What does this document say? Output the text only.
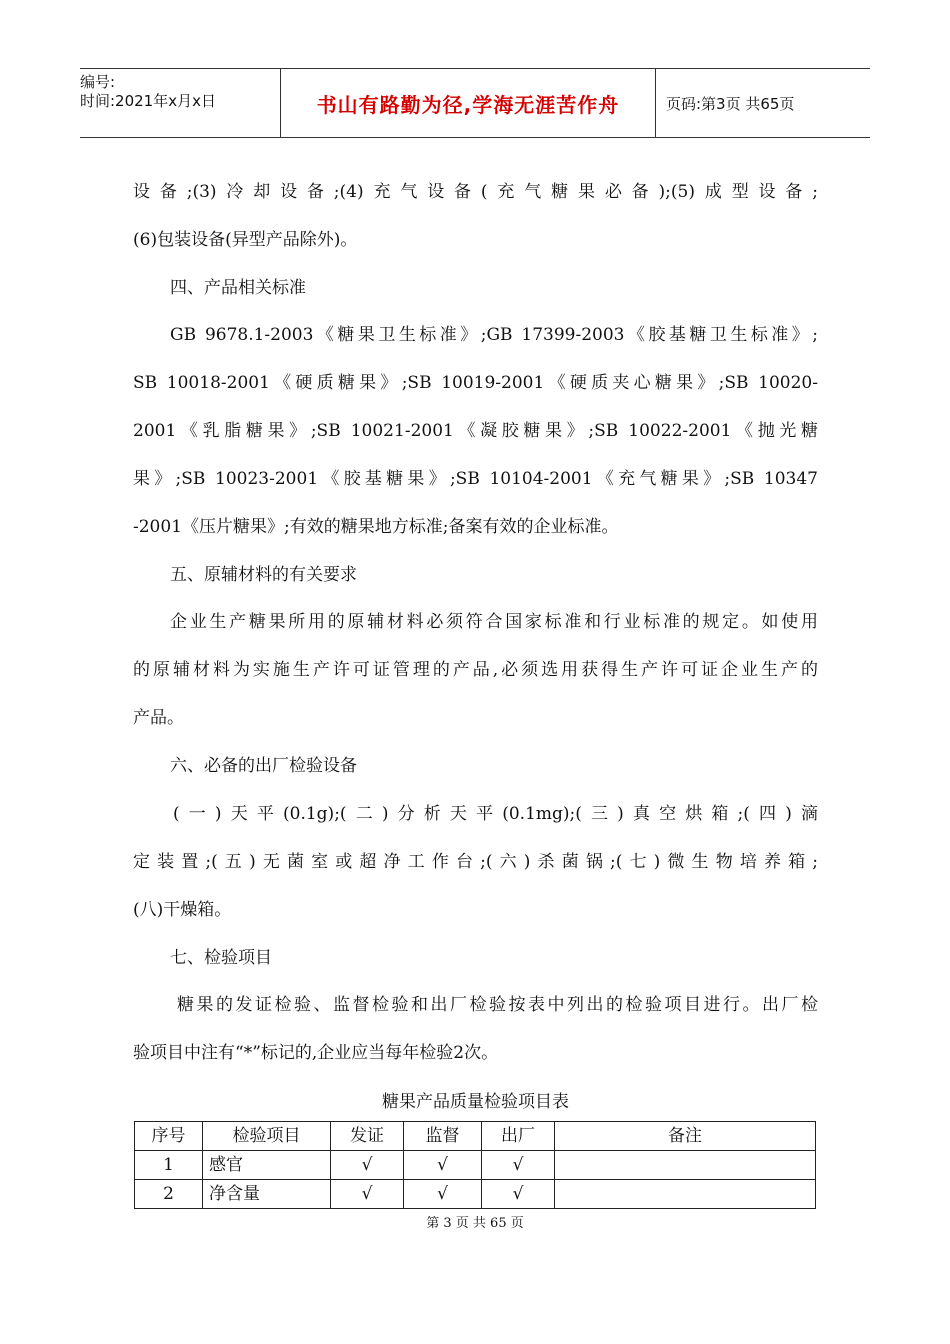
编号:
时间:2021年x月x日	书山有路勤为径,学海无涯苦作舟	页码:第3页 共65页
设备;(3)冷却设备;(4)充气设备(充气糖果必备);(5)成型设备;
(6)包装设备(异型产品除外)。
四、产品相关标准
GB 9678.1-2003《糖果卫生标准》;GB 17399-2003《胶基糖卫生标准》;
SB 10018-2001《硬质糖果》;SB 10019-2001《硬质夹心糖果》;SB 10020-
2001《乳脂糖果》;SB 10021-2001《凝胶糖果》;SB 10022-2001《抛光糖
果》;SB 10023-2001《胶基糖果》;SB 10104-2001《充气糖果》;SB 10347
-2001《压片糖果》;有效的糖果地方标准;备案有效的企业标准。
五、原辅材料的有关要求
企业生产糖果所用的原辅材料必须符合国家标准和行业标准的规定。如使用
的原辅材料为实施生产许可证管理的产品,必须选用获得生产许可证企业生产的
产品。
六、必备的出厂检验设备
(一)天平(0.1g);(二)分析天平(0.1mg);(三)真空烘箱;(四)滴
定装置;(五)无菌室或超净工作台;(六)杀菌锅;(七)微生物培养箱;
(八)干燥箱。
七、检验项目
糖果的发证检验、监督检验和出厂检验按表中列出的检验项目进行。出厂检
验项目中注有“*”标记的,企业应当每年检验2次。
糖果产品质量检验项目表
序号	检验项目	发证	监督	出厂	备注
1	感官	√	√	√	
2	净含量	√	√	√	
第 3 页 共 65 页
